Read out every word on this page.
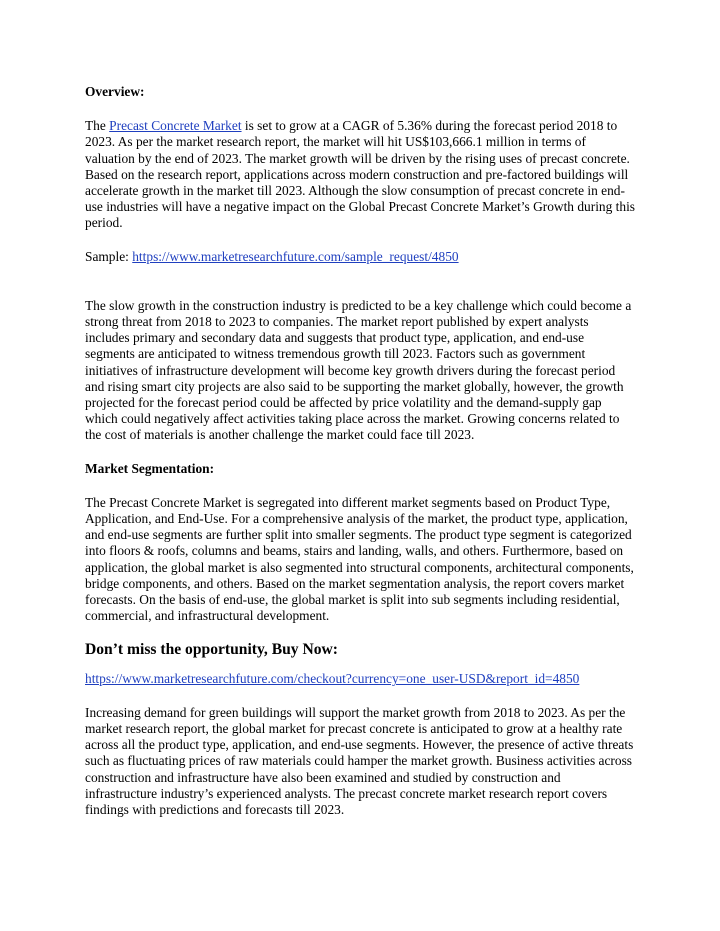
Overview:

The Precast Concrete Market is set to grow at a CAGR of 5.36% during the forecast period 2018 to 2023. As per the market research report, the market will hit US$103,666.1 million in terms of valuation by the end of 2023. The market growth will be driven by the rising uses of precast concrete. Based on the research report, applications across modern construction and pre-factored buildings will accelerate growth in the market till 2023. Although the slow consumption of precast concrete in end-use industries will have a negative impact on the Global Precast Concrete Market’s Growth during this period.

Sample: https://www.marketresearchfuture.com/sample_request/4850

The slow growth in the construction industry is predicted to be a key challenge which could become a strong threat from 2018 to 2023 to companies. The market report published by expert analysts includes primary and secondary data and suggests that product type, application, and end-use segments are anticipated to witness tremendous growth till 2023. Factors such as government initiatives of infrastructure development will become key growth drivers during the forecast period and rising smart city projects are also said to be supporting the market globally, however, the growth projected for the forecast period could be affected by price volatility and the demand-supply gap which could negatively affect activities taking place across the market. Growing concerns related to the cost of materials is another challenge the market could face till 2023.

Market Segmentation:

The Precast Concrete Market is segregated into different market segments based on Product Type, Application, and End-Use. For a comprehensive analysis of the market, the product type, application, and end-use segments are further split into smaller segments. The product type segment is categorized into floors & roofs, columns and beams, stairs and landing, walls, and others. Furthermore, based on application, the global market is also segmented into structural components, architectural components, bridge components, and others. Based on the market segmentation analysis, the report covers market forecasts. On the basis of end-use, the global market is split into sub segments including residential, commercial, and infrastructural development.

Don’t miss the opportunity, Buy Now:

https://www.marketresearchfuture.com/checkout?currency=one_user-USD&report_id=4850

Increasing demand for green buildings will support the market growth from 2018 to 2023. As per the market research report, the global market for precast concrete is anticipated to grow at a healthy rate across all the product type, application, and end-use segments. However, the presence of active threats such as fluctuating prices of raw materials could hamper the market growth. Business activities across construction and infrastructure have also been examined and studied by construction and infrastructure industry’s experienced analysts. The precast concrete market research report covers findings with predictions and forecasts till 2023.
